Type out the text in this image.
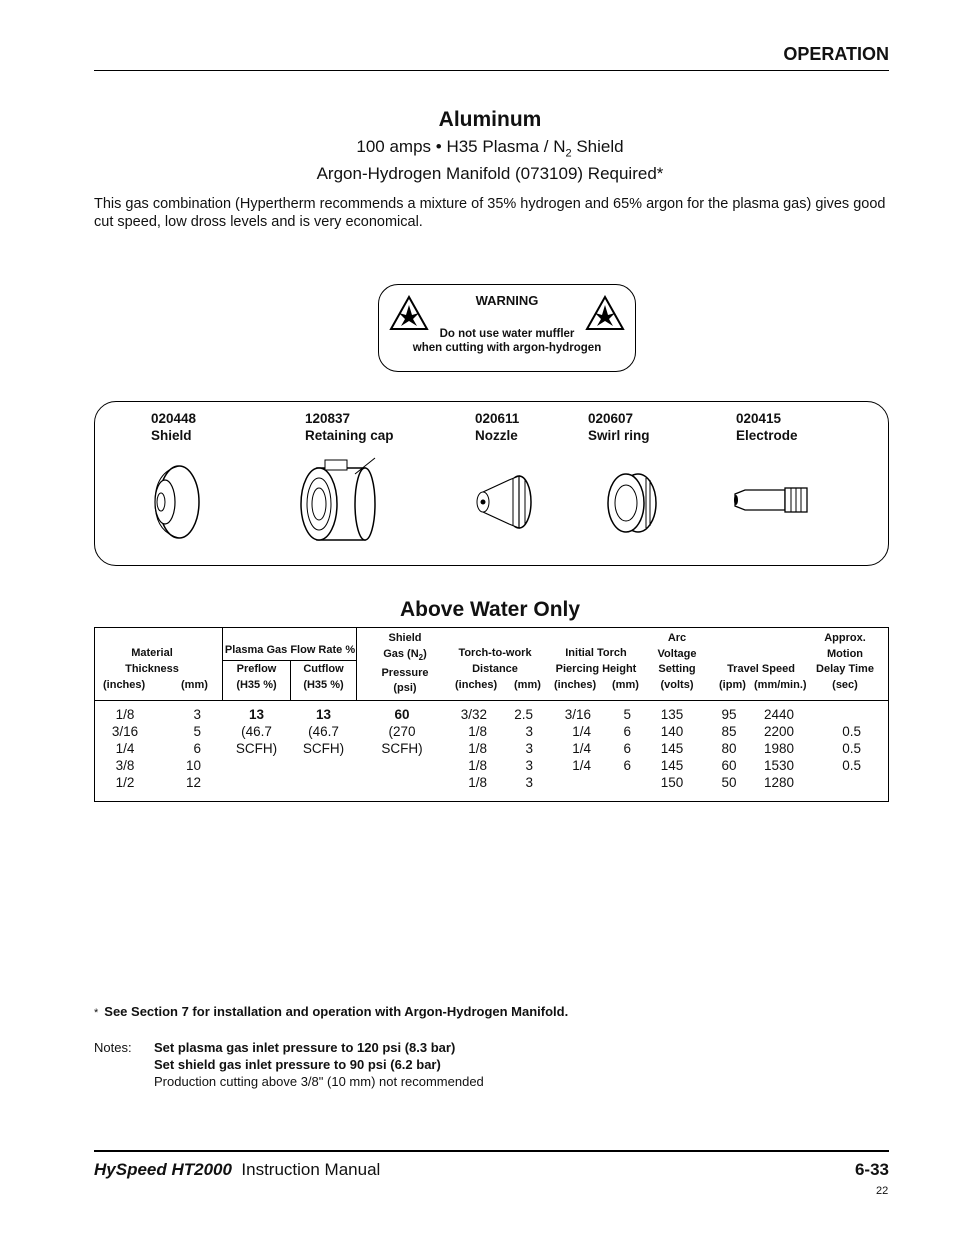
OPERATION
Aluminum
100 amps • H35 Plasma / $N_2$ Shield
Argon-Hydrogen Manifold (073109) Required*
This gas combination (Hypertherm recommends a mixture of 35% hydrogen and 65% argon for the plasma gas) gives good cut speed, low dross levels and is very economical.
WARNING
Do not use water muffler
when cutting with argon-hydrogen
020448
Shield
120837
Retaining cap
020611
Nozzle
020607
Swirl ring
020415
Electrode
Above Water Only
Material
Thickness
(inches)	(mm)
Plasma Gas Flow Rate %
Preflow
(H35 %)
Cutflow
(H35 %)
Shield
Gas $(N_2)$
Pressure
(psi)
Torch-to-work
Distance
(inches) (mm)
Initial Torch
Piercing Height
(inches) (mm)
Arc
Voltage
Setting
(volts)
Travel Speed
(ipm) (mm/min.)
Approx.
Motion
Delay Time
(sec)
1/8
3/16
1/4
3/8
1/2
3
5
6
10
12
13
(46.7
SCFH)
13
(46.7
SCFH)
60
(270
SCFH)
3/32
1/8
1/8
1/8
1/8
2.5
3
3
3
3
3/16
1/4
1/4
1/4
5
6
6
6
135
140
145
145
150
95
85
80
60
50
2440
2200
1980
1530
1280
0.5
0.5
0.5
* See Section 7 for installation and operation with Argon-Hydrogen Manifold.
Notes: Set plasma gas inlet pressure to 120 psi (8.3 bar)
Set shield gas inlet pressure to 90 psi (6.2 bar)
Production cutting above 3/8" (10 mm) not recommended
HySpeed HT2000 Instruction Manual	6-33
22
